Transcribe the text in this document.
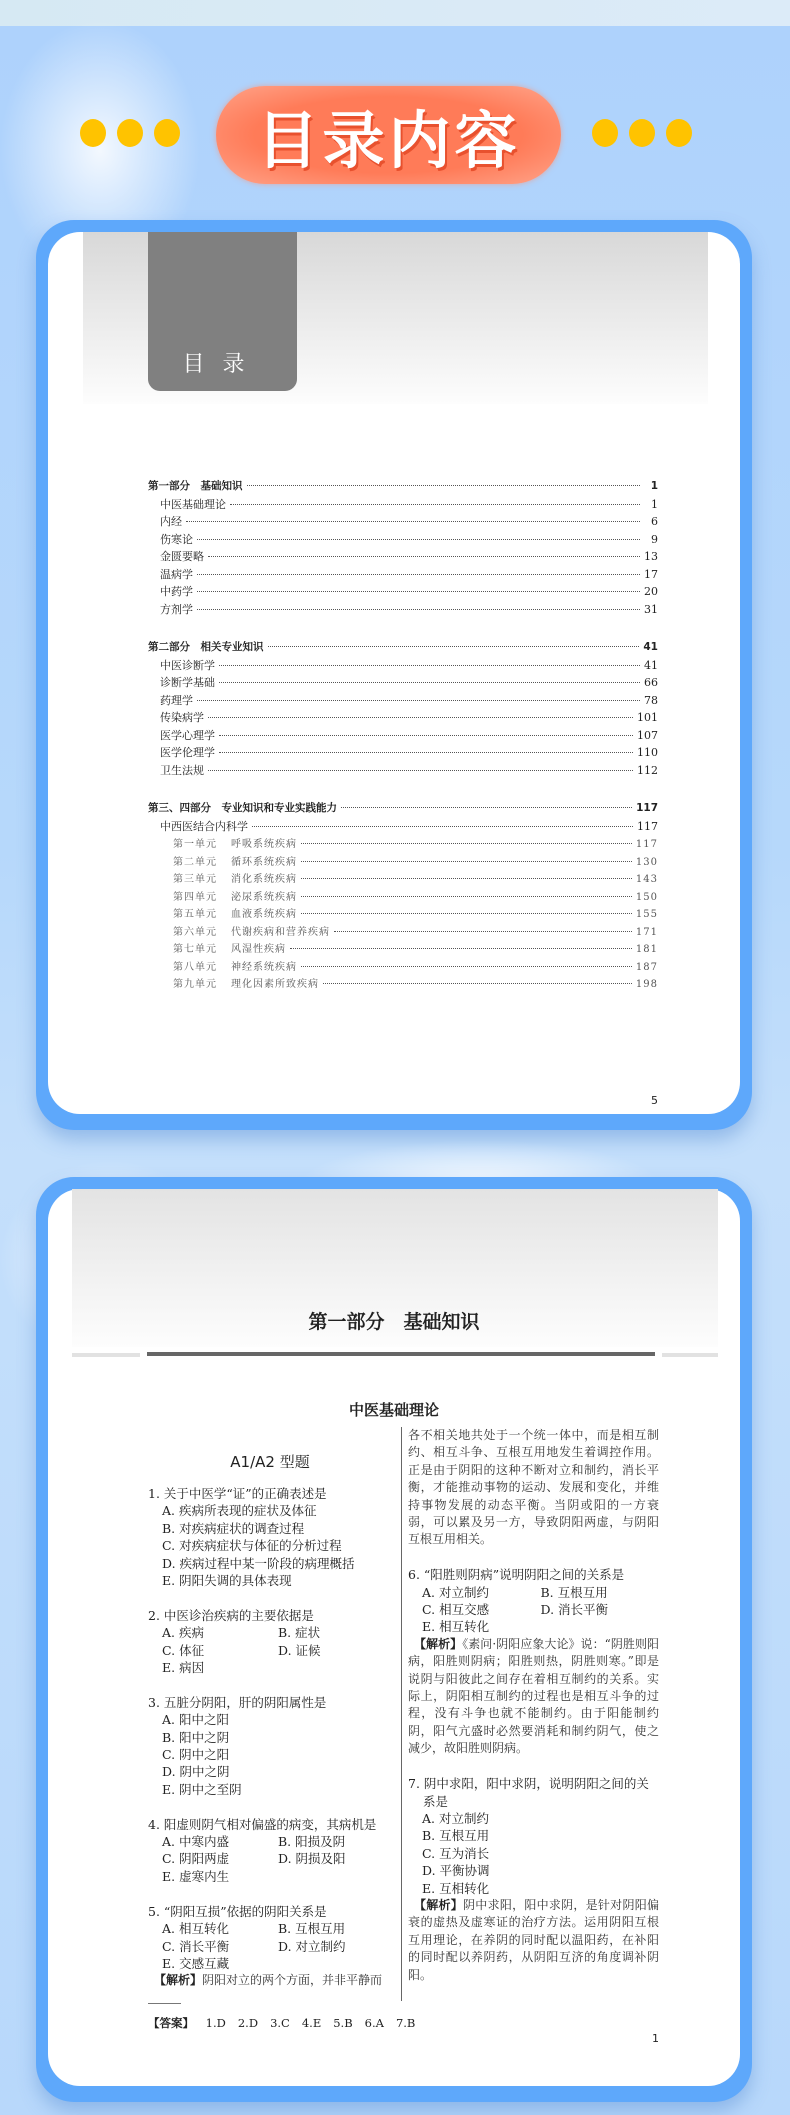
目录内容
目录
第一部分　基础知识	1
中医基础理论	1
内经	6
伤寒论	9
金匮要略	13
温病学	17
中药学	20
方剂学	31
第二部分　相关专业知识	41
中医诊断学	41
诊断学基础	66
药理学	78
传染病学	101
医学心理学	107
医学伦理学	110
卫生法规	112
第三、四部分　专业知识和专业实践能力	117
中西医结合内科学	117
第一单元 呼吸系统疾病	117
第二单元 循环系统疾病	130
第三单元 消化系统疾病	143
第四单元 泌尿系统疾病	150
第五单元 血液系统疾病	155
第六单元 代谢疾病和营养疾病	171
第七单元 风湿性疾病	181
第八单元 神经系统疾病	187
第九单元 理化因素所致疾病	198
5
第一部分　基础知识
中医基础理论
A1/A2 型题
1. 关于中医学“证”的正确表述是
A. 疾病所表现的症状及体征
B. 对疾病症状的调查过程
C. 对疾病症状与体征的分析过程
D. 疾病过程中某一阶段的病理概括
E. 阴阳失调的具体表现
2. 中医诊治疾病的主要依据是
A. 疾病	B. 症状
C. 体征	D. 证候
E. 病因
3. 五脏分阴阳，肝的阴阳属性是
A. 阳中之阳
B. 阳中之阴
C. 阴中之阳
D. 阴中之阴
E. 阴中之至阴
4. 阳虚则阴气相对偏盛的病变，其病机是
A. 中寒内盛	B. 阳损及阴
C. 阴阳两虚	D. 阴损及阳
E. 虚寒内生
5. “阴阳互损”依据的阴阳关系是
A. 相互转化	B. 互根互用
C. 消长平衡	D. 对立制约
E. 交感互藏
【解析】阴阳对立的两个方面，并非平静而
各不相关地共处于一个统一体中，而是相互制约、相互斗争、互根互用地发生着调控作用。正是由于阴阳的这种不断对立和制约，消长平衡，才能推动事物的运动、发展和变化，并维持事物发展的动态平衡。当阴或阳的一方衰弱，可以累及另一方，导致阴阳两虚，与阴阳互根互用相关。
6. “阳胜则阴病”说明阴阳之间的关系是
A. 对立制约	B. 互根互用
C. 相互交感	D. 消长平衡
E. 相互转化
【解析】《素问·阴阳应象大论》说：“阴胜则阳病，阳胜则阴病；阳胜则热，阴胜则寒。”即是说阴与阳彼此之间存在着相互制约的关系。实际上，阴阳相互制约的过程也是相互斗争的过程，没有斗争也就不能制约。由于阳能制约阴，阳气亢盛时必然要消耗和制约阴气，使之减少，故阳胜则阴病。
7. 阴中求阳，阳中求阴，说明阴阳之间的关系是
A. 对立制约
B. 互根互用
C. 互为消长
D. 平衡协调
E. 互相转化
【解析】阴中求阳，阳中求阴，是针对阴阳偏衰的虚热及虚寒证的治疗方法。运用阴阳互根互用理论，在养阴的同时配以温阳药，在补阳的同时配以养阴药，从阴阳互济的角度调补阴阳。
【答案】 1.D 2.D 3.C 4.E 5.B 6.A 7.B
1
